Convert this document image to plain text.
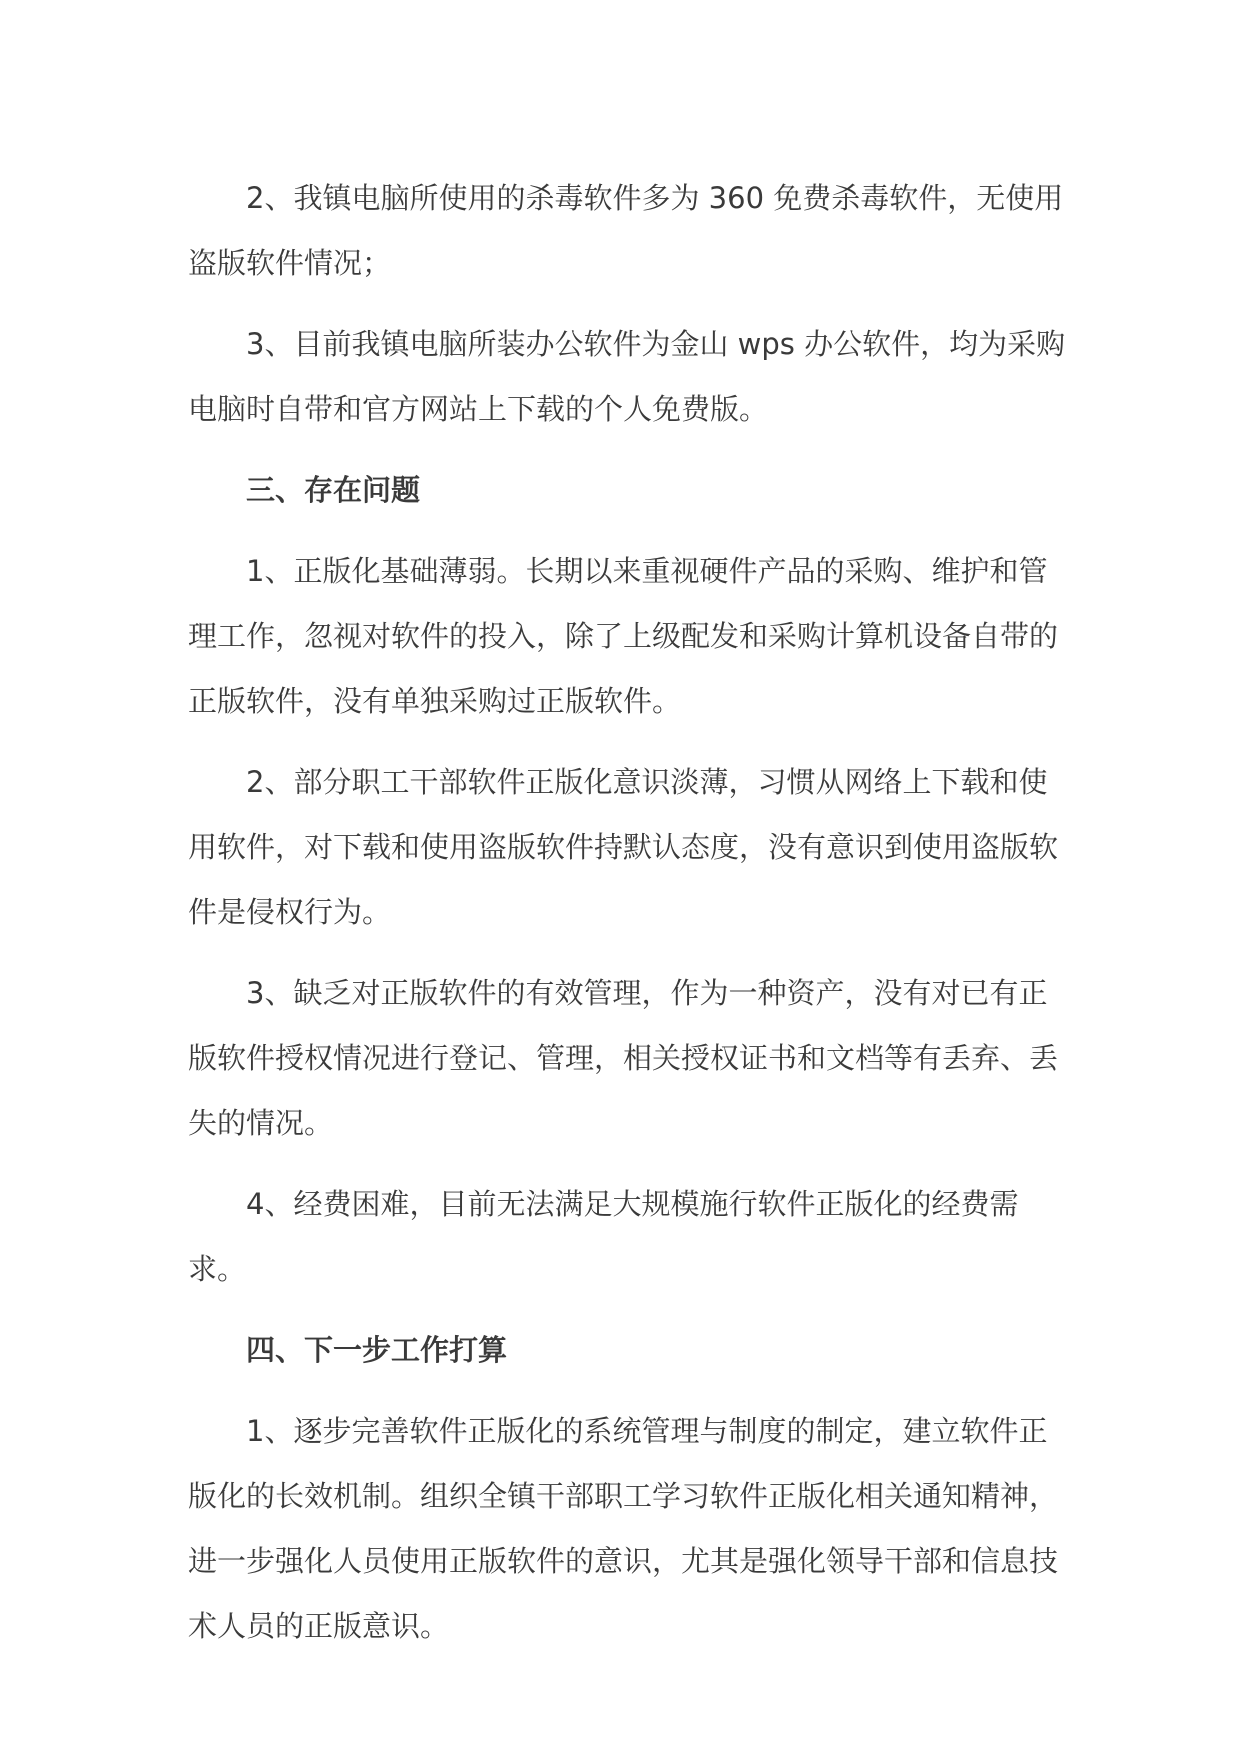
2、我镇电脑所使用的杀毒软件多为 360 免费杀毒软件，无使用盗版软件情况；

3、目前我镇电脑所装办公软件为金山 wps 办公软件，均为采购电脑时自带和官方网站上下载的个人免费版。

三、存在问题

1、正版化基础薄弱。长期以来重视硬件产品的采购、维护和管理工作，忽视对软件的投入，除了上级配发和采购计算机设备自带的正版软件，没有单独采购过正版软件。

2、部分职工干部软件正版化意识淡薄，习惯从网络上下载和使用软件，对下载和使用盗版软件持默认态度，没有意识到使用盗版软件是侵权行为。

3、缺乏对正版软件的有效管理，作为一种资产，没有对已有正版软件授权情况进行登记、管理，相关授权证书和文档等有丢弃、丢失的情况。

4、经费困难，目前无法满足大规模施行软件正版化的经费需求。

四、下一步工作打算

1、逐步完善软件正版化的系统管理与制度的制定，建立软件正版化的长效机制。组织全镇干部职工学习软件正版化相关通知精神，进一步强化人员使用正版软件的意识，尤其是强化领导干部和信息技术人员的正版意识。
